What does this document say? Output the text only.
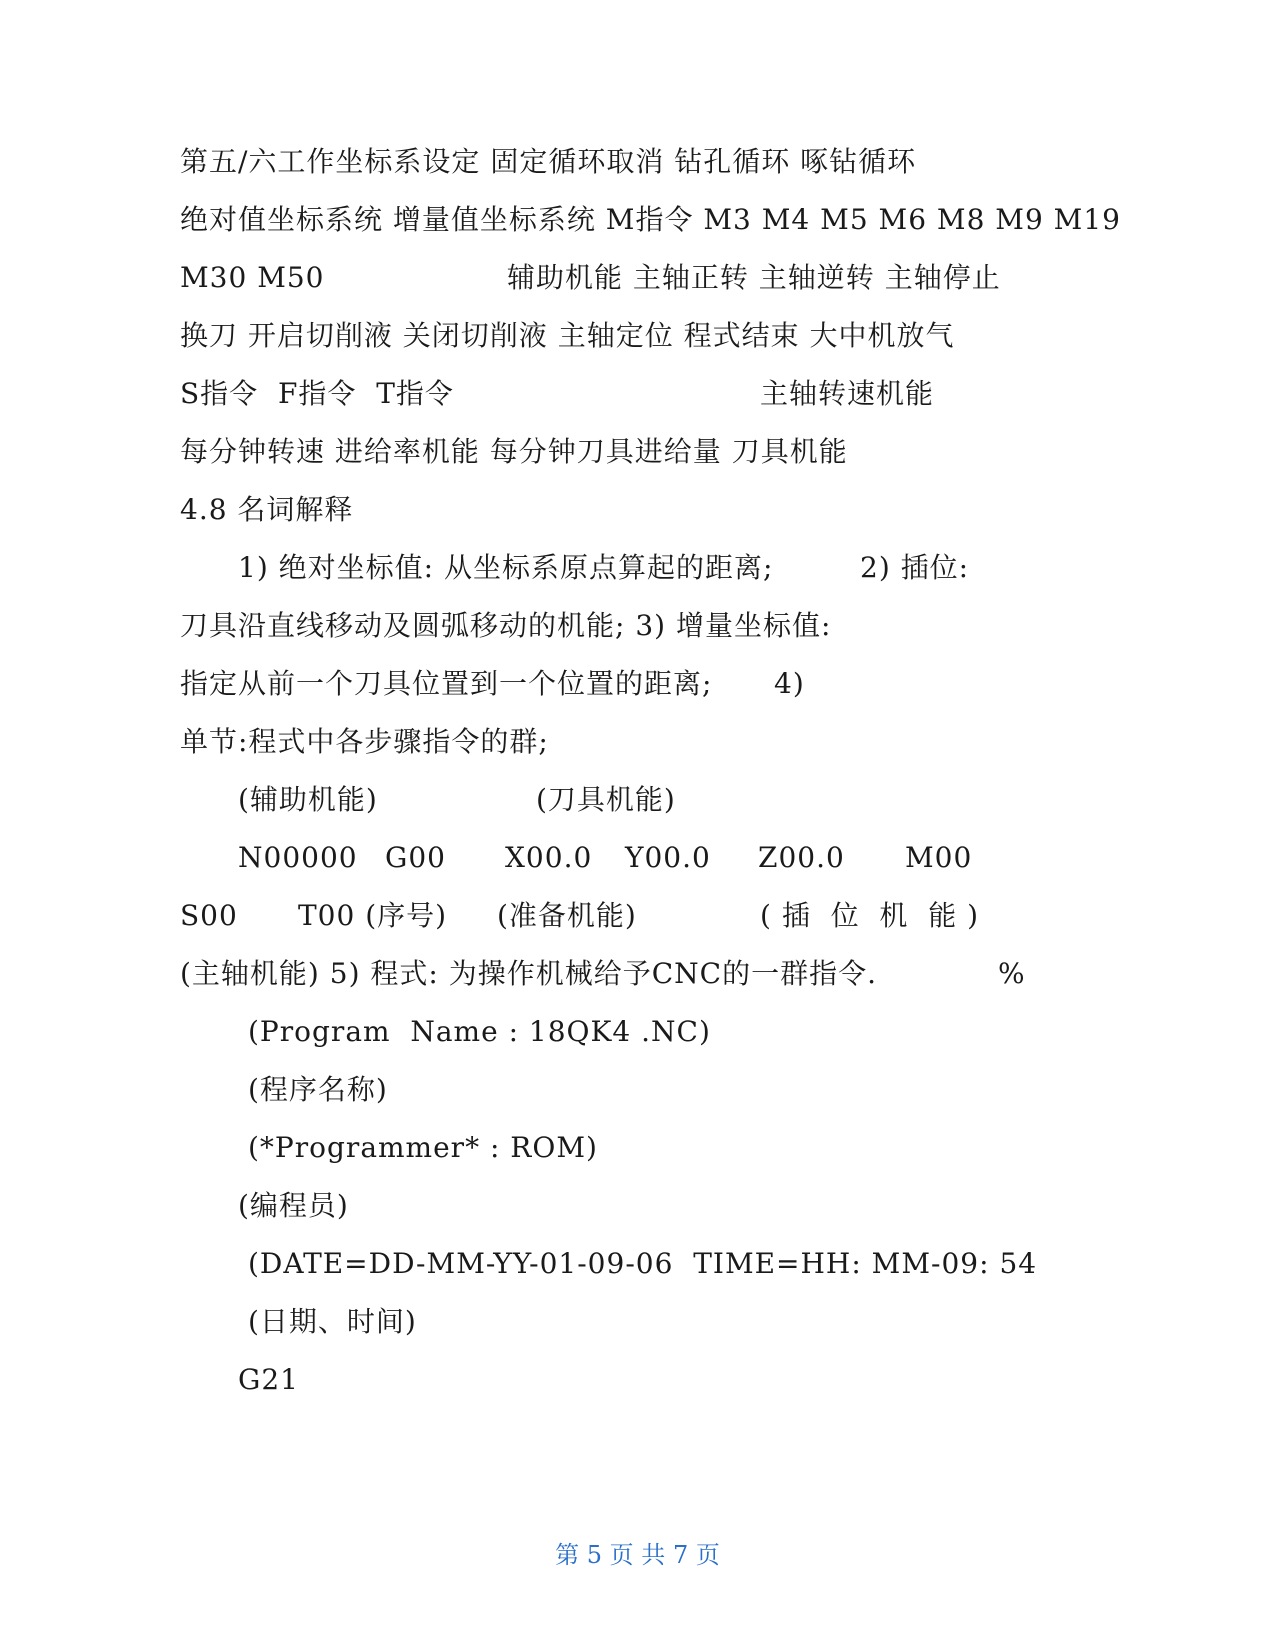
第五/六工作坐标系设定 固定循环取消 钻孔循环 啄钻循环
绝对值坐标系统 增量值坐标系统 M指令 M3 M4 M5 M6 M8 M9 M19
M30 M50	辅助机能 主轴正转 主轴逆转 主轴停止
换刀 开启切削液 关闭切削液 主轴定位 程式结束 大中机放气
S指令  F指令  T指令	主轴转速机能
每分钟转速 进给率机能 每分钟刀具进给量 刀具机能
4.8 名词解释
1) 绝对坐标值: 从坐标系原点算起的距离;	2) 插位:
刀具沿直线移动及圆弧移动的机能; 3) 增量坐标值:
指定从前一个刀具位置到一个位置的距离; 4)
单节:程式中各步骤指令的群;
(辅助机能)	(刀具机能)
N00000 G00 X00.0 Y00.0 Z00.0 M00
S00 T00 (序号) (准备机能)	( 插  位  机  能 )
(主轴机能) 5) 程式: 为操作机械给予CNC的一群指令.	%
(Program  Name : 18QK4 .NC)
(程序名称)
(*Programmer* : ROM)
(编程员)
(DATE=DD-MM-YY-01-09-06  TIME=HH: MM-09: 54
(日期、时间)
G21
第 5 页 共 7 页
